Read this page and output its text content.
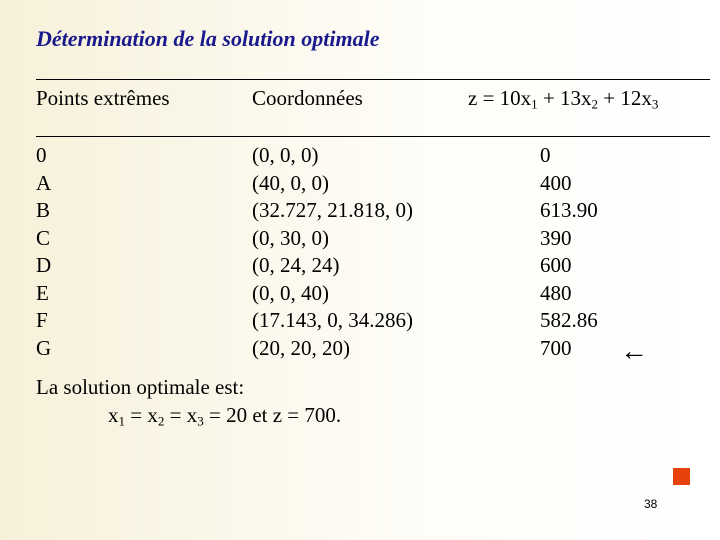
Détermination de la solution optimale
Points extrêmes	Coordonnées	$z = 10x_1 + 13x_2 + 12x_3$
0	(0, 0, 0)	0
A	(40, 0, 0)	400
B	(32.727, 21.818, 0)	613.90
C	(0, 30, 0)	390
D	(0, 24, 24)	600
E	(0, 0, 40)	480
F	(17.143, 0, 34.286)	582.86
G	(20, 20, 20)	700 ←
La solution optimale est:
$x_1 = x_2 = x_3 = 20$ et z = 700.
38
